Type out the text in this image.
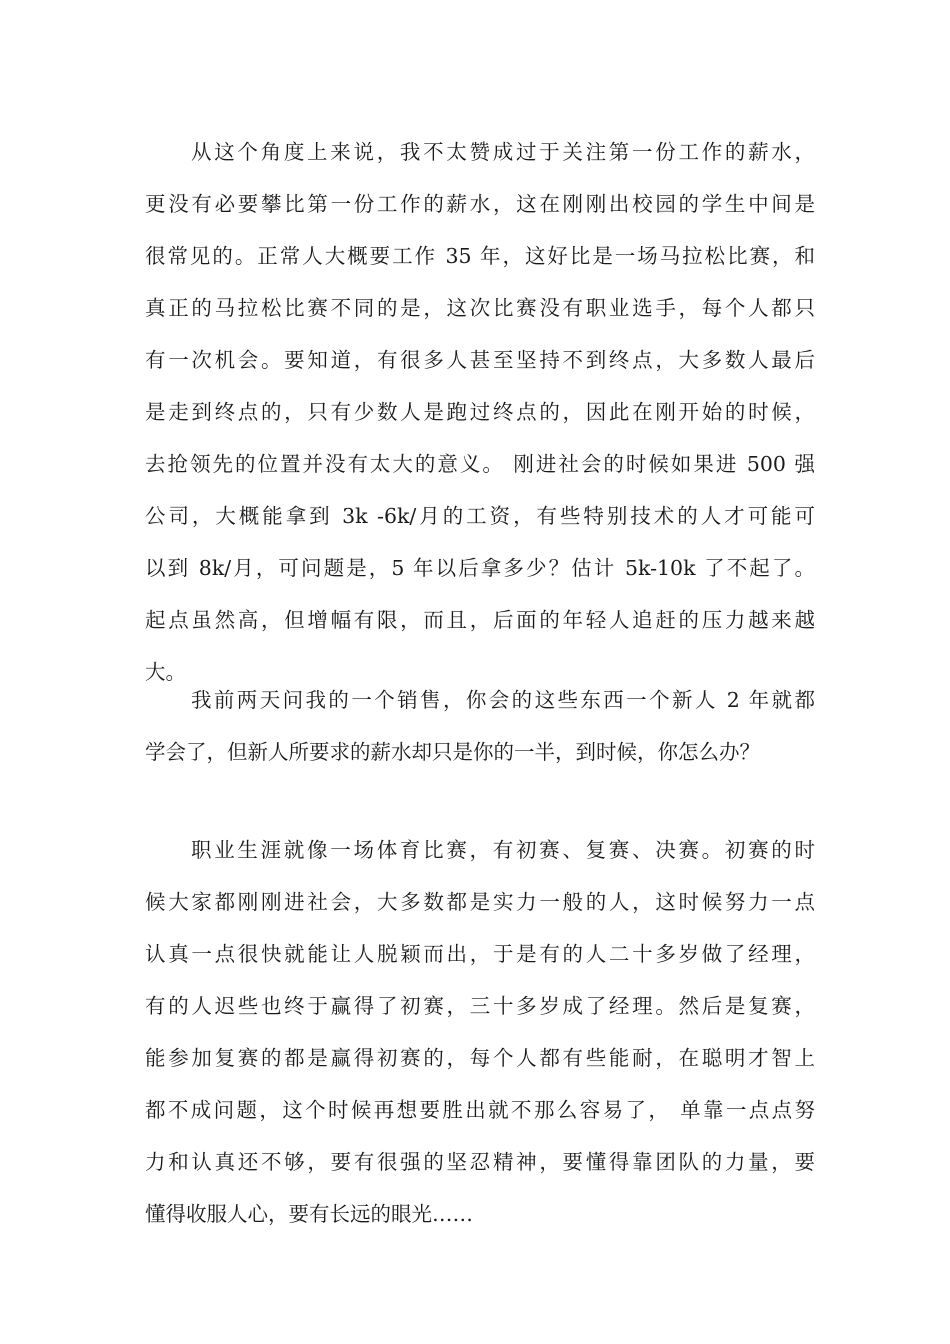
从这个角度上来说，我不太赞成过于关注第一份工作的薪水，
更没有必要攀比第一份工作的薪水，这在刚刚出校园的学生中间是
很常见的。正常人大概要工作 35 年，这好比是一场马拉松比赛，和
真正的马拉松比赛不同的是，这次比赛没有职业选手，每个人都只
有一次机会。要知道，有很多人甚至坚持不到终点，大多数人最后
是走到终点的，只有少数人是跑过终点的，因此在刚开始的时候，
去抢领先的位置并没有太大的意义。 刚进社会的时候如果进 500 强
公司，大概能拿到 3k -6k/月的工资，有些特别技术的人才可能可
以到 8k/月，可问题是，5 年以后拿多少？估计 5k-10k 了不起了。
起点虽然高，但增幅有限，而且，后面的年轻人追赶的压力越来越
大。
我前两天问我的一个销售，你会的这些东西一个新人 2 年就都
学会了，但新人所要求的薪水却只是你的一半，到时候，你怎么办？
职业生涯就像一场体育比赛，有初赛、复赛、决赛。初赛的时
候大家都刚刚进社会，大多数都是实力一般的人，这时候努力一点
认真一点很快就能让人脱颖而出，于是有的人二十多岁做了经理，
有的人迟些也终于赢得了初赛，三十多岁成了经理。然后是复赛，
能参加复赛的都是赢得初赛的，每个人都有些能耐，在聪明才智上
都不成问题，这个时候再想要胜出就不那么容易了， 单靠一点点努
力和认真还不够，要有很强的坚忍精神，要懂得靠团队的力量，要
懂得收服人心，要有长远的眼光……
